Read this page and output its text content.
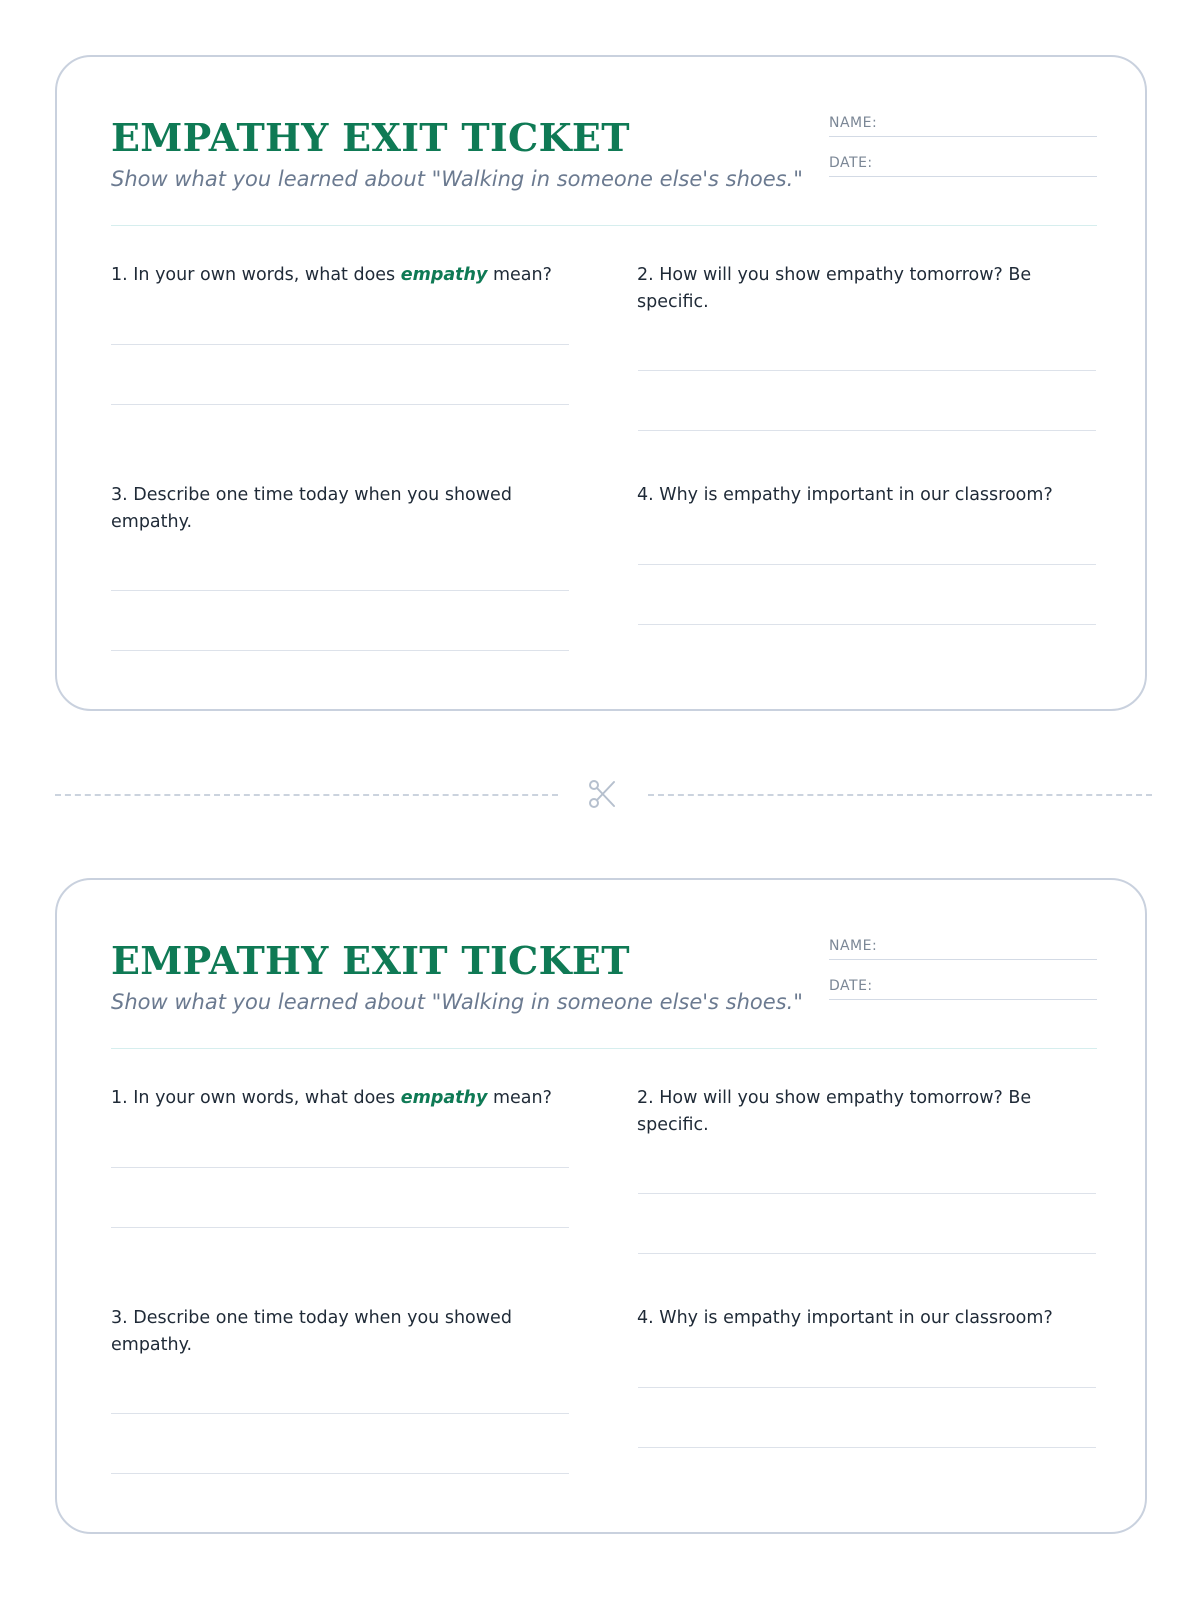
EMPATHY EXIT TICKET
Show what you learned about "Walking in someone else's shoes."
NAME:
DATE:
1. In your own words, what does empathy mean?	2. How will you show empathy tomorrow? Be specific.
3. Describe one time today when you showed empathy.
4. Why is empathy important in our classroom?
EMPATHY EXIT TICKET
Show what you learned about "Walking in someone else's shoes."
NAME:
DATE:
1. In your own words, what does empathy mean?	2. How will you show empathy tomorrow? Be specific.
3. Describe one time today when you showed empathy.
4. Why is empathy important in our classroom?
